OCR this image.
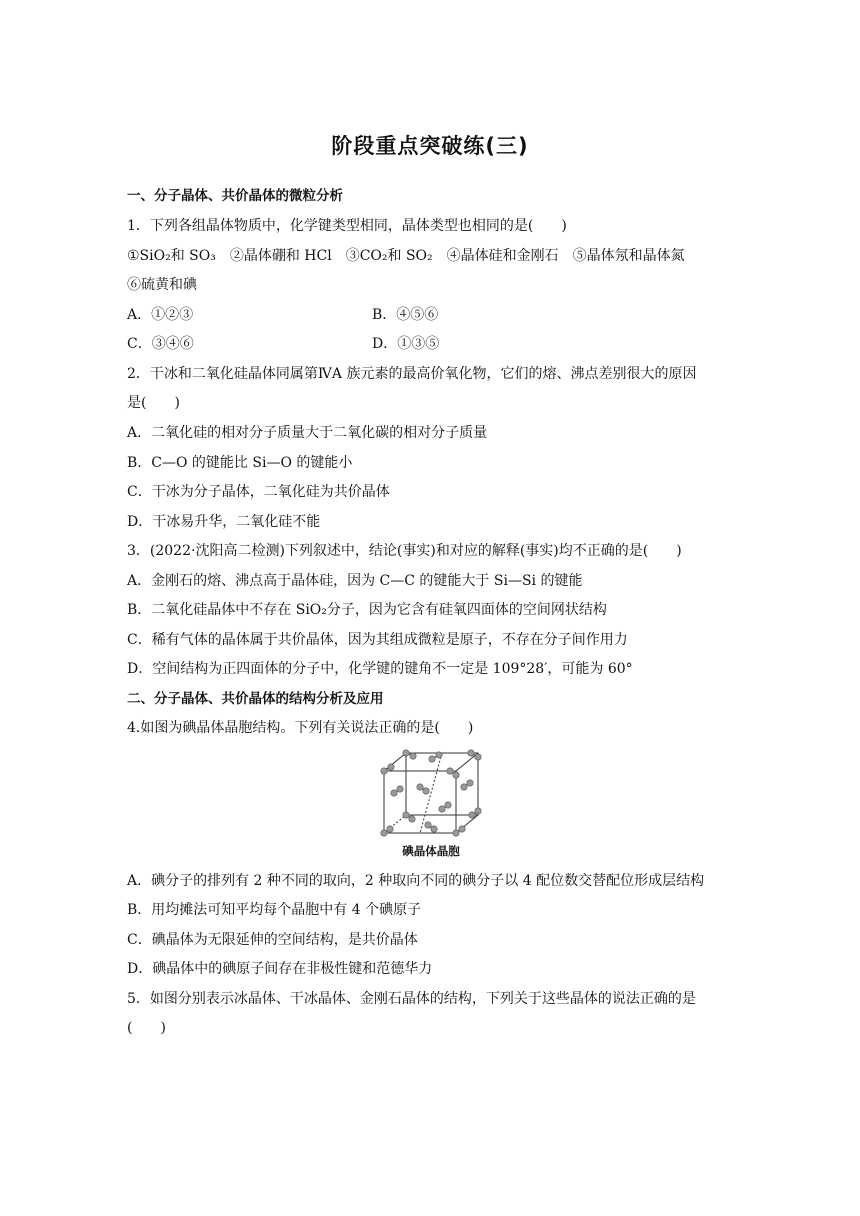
阶段重点突破练(三)
一、分子晶体、共价晶体的微粒分析
1．下列各组晶体物质中，化学键类型相同，晶体类型也相同的是(　　)
①SiO₂和 SO₃　②晶体硼和 HCl　③CO₂和 SO₂　④晶体硅和金刚石　⑤晶体氖和晶体氮
⑥硫黄和碘
A．①②③	B．④⑤⑥
C．③④⑥	D．①③⑤
2．干冰和二氧化硅晶体同属第ⅣA 族元素的最高价氧化物，它们的熔、沸点差别很大的原因
是(　　)
A．二氧化硅的相对分子质量大于二氧化碳的相对分子质量
B．C—O 的键能比 Si—O 的键能小
C．干冰为分子晶体，二氧化硅为共价晶体
D．干冰易升华，二氧化硅不能
3．(2022·沈阳高二检测)下列叙述中，结论(事实)和对应的解释(事实)均不正确的是(　　)
A．金刚石的熔、沸点高于晶体硅，因为 C—C 的键能大于 Si—Si 的键能
B．二氧化硅晶体中不存在 SiO₂分子，因为它含有硅氧四面体的空间网状结构
C．稀有气体的晶体属于共价晶体，因为其组成微粒是原子，不存在分子间作用力
D．空间结构为正四面体的分子中，化学键的键角不一定是 109°28′，可能为 60°
二、分子晶体、共价晶体的结构分析及应用
4.如图为碘晶体晶胞结构。下列有关说法正确的是(　　)
碘晶体晶胞
A．碘分子的排列有 2 种不同的取向，2 种取向不同的碘分子以 4 配位数交替配位形成层结构
B．用均摊法可知平均每个晶胞中有 4 个碘原子
C．碘晶体为无限延伸的空间结构，是共价晶体
D．碘晶体中的碘原子间存在非极性键和范德华力
5．如图分别表示冰晶体、干冰晶体、金刚石晶体的结构，下列关于这些晶体的说法正确的是
(　　)
